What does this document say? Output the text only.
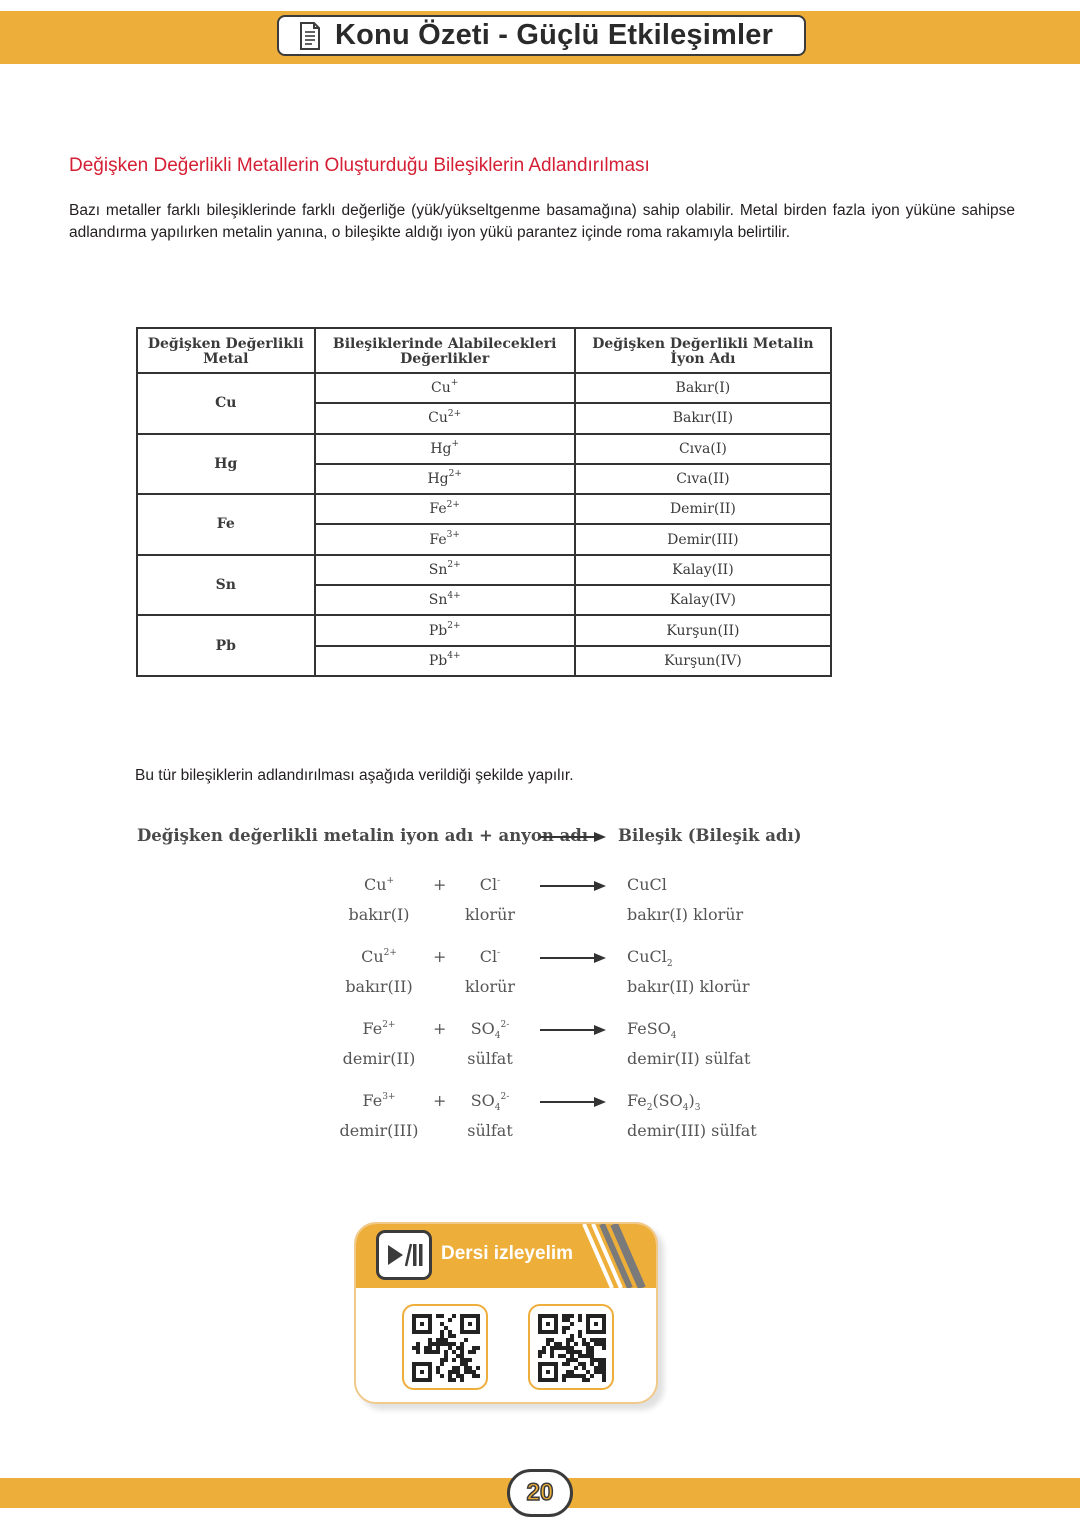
Konu Özeti - Güçlü Etkileşimler
Değişken Değerlikli Metallerin Oluşturduğu Bileşiklerin Adlandırılması
Bazı metaller farklı bileşiklerinde farklı değerliğe (yük/yükseltgenme basamağına) sahip olabilir. Metal birden fazla iyon yüküne sahipse adlandırma yapılırken metalin yanına, o bileşikte aldığı iyon yükü parantez içinde roma rakamıyla belirtilir.
Değişken Değerlikli Metal	Bileşiklerinde Alabilecekleri Değerlikler	Değişken Değerlikli Metalin İyon Adı
Cu	Cu+	Bakır(I)
	$Cu^{2+}$	Bakır(II)
Hg	Hg+	Cıva(I)
	$Hg^{2+}$	Cıva(II)
Fe	$Fe^{2+}$	Demir(II)
	$Fe^{3+}$	Demir(III)
Sn	$Sn^{2+}$	Kalay(II)
	$Sn^{4+}$	Kalay(IV)
Pb	$Pb^{2+}$	Kurşun(II)
	$Pb^{4+}$	Kurşun(IV)
Bu tür bileşiklerin adlandırılması aşağıda verildiği şekilde yapılır.
Değişken değerlikli metalin iyon adı + anyon adı Bileşik (Bileşik adı)
Cu+
bakır(I)
+	Cl-
klorür
CuCl
bakır(I) klorür
$Cu^{2+}$
bakır(II)
+	Cl-
klorür
CuCl$_2$
bakır(II) klorür
$Fe^{2+}$
demir(II)
+	$SO_4^{2-}$
sülfat
FeSO$_4$
demir(II) sülfat
$Fe^{3+}$
demir(III)
+	$SO_4^{2-}$
sülfat
$Fe_2(SO_4)_3$
demir(III) sülfat
Dersi izleyelim
20
